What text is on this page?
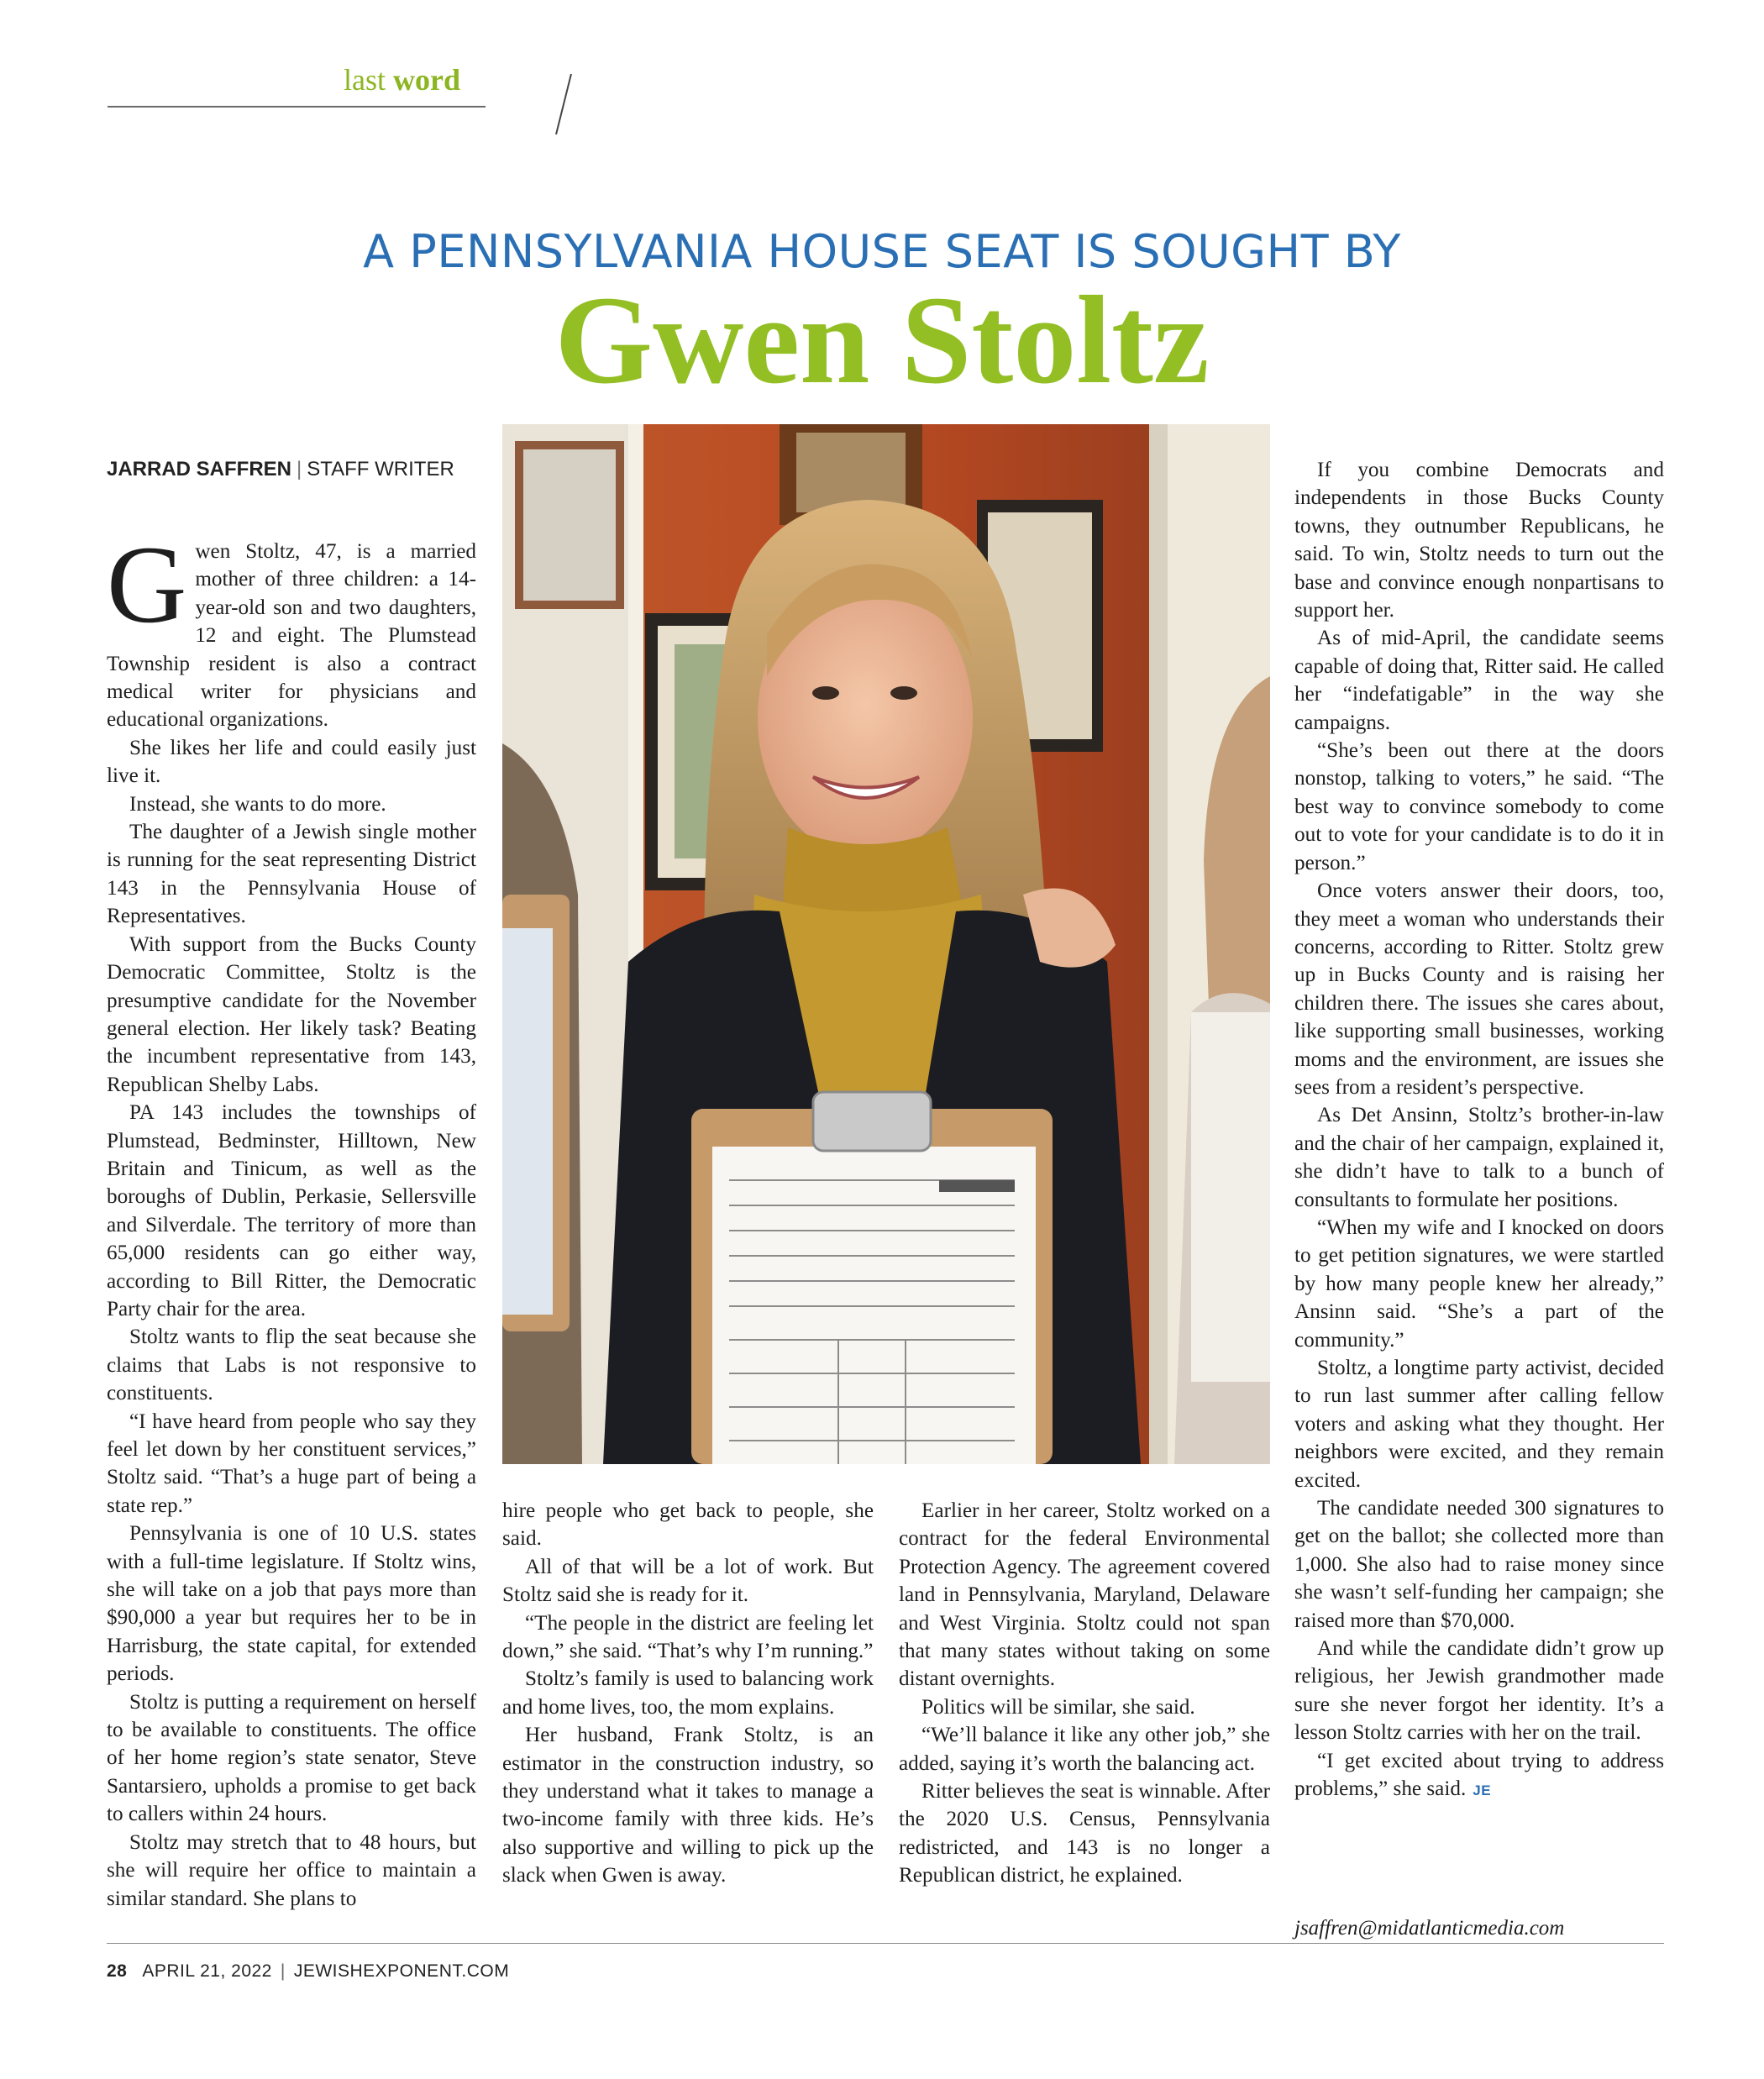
last word
A PENNSYLVANIA HOUSE SEAT IS SOUGHT BY
Gwen Stoltz
JARRAD SAFFREN | STAFF WRITER

Gwen Stoltz, 47, is a married mother of three children: a 14-year-old son and two daughters, 12 and eight. The Plumstead Township resident is also a contract medical writer for physicians and educational organizations.

She likes her life and could easily just live it.

Instead, she wants to do more.

The daughter of a Jewish single mother is running for the seat representing District 143 in the Pennsylvania House of Representatives.

With support from the Bucks County Democratic Committee, Stoltz is the presumptive candidate for the November general election. Her likely task? Beating the incumbent representative from 143, Republican Shelby Labs.

PA 143 includes the townships of Plumstead, Bedminster, Hilltown, New Britain and Tinicum, as well as the boroughs of Dublin, Perkasie, Sellersville and Silverdale. The territory of more than 65,000 residents can go either way, according to Bill Ritter, the Democratic Party chair for the area.

Stoltz wants to flip the seat because she claims that Labs is not responsive to constituents.

“I have heard from people who say they feel let down by her constituent services,” Stoltz said. “That’s a huge part of being a state rep.”

Pennsylvania is one of 10 U.S. states with a full-time legislature. If Stoltz wins, she will take on a job that pays more than $90,000 a year but requires her to be in Harrisburg, the state capital, for extended periods.

Stoltz is putting a requirement on herself to be available to constituents. The office of her home region’s state senator, Steve Santarsiero, upholds a promise to get back to callers within 24 hours.

Stoltz may stretch that to 48 hours, but she will require her office to maintain a similar standard. She plans to

hire people who get back to people, she said.

All of that will be a lot of work. But Stoltz said she is ready for it.

“The people in the district are feeling let down,” she said. “That’s why I’m running.”

Stoltz’s family is used to balancing work and home lives, too, the mom explains.

Her husband, Frank Stoltz, is an estimator in the construction industry, so they understand what it takes to manage a two-income family with three kids. He’s also supportive and willing to pick up the slack when Gwen is away.

Earlier in her career, Stoltz worked on a contract for the federal Environmental Protection Agency. The agreement covered land in Pennsylvania, Maryland, Delaware and West Virginia. Stoltz could not span that many states without taking on some distant overnights.

Politics will be similar, she said.

“We’ll balance it like any other job,” she added, saying it’s worth the balancing act.

Ritter believes the seat is winnable. After the 2020 U.S. Census, Pennsylvania redistricted, and 143 is no longer a Republican district, he explained.

If you combine Democrats and independents in those Bucks County towns, they outnumber Republicans, he said. To win, Stoltz needs to turn out the base and convince enough nonpartisans to support her.

As of mid-April, the candidate seems capable of doing that, Ritter said. He called her “indefatigable” in the way she campaigns.

“She’s been out there at the doors nonstop, talking to voters,” he said. “The best way to convince somebody to come out to vote for your candidate is to do it in person.”

Once voters answer their doors, too, they meet a woman who understands their concerns, according to Ritter. Stoltz grew up in Bucks County and is raising her children there. The issues she cares about, like supporting small businesses, working moms and the environment, are issues she sees from a resident’s perspective.

As Det Ansinn, Stoltz’s brother-in-law and the chair of her campaign, explained it, she didn’t have to talk to a bunch of consultants to formulate her positions.

“When my wife and I knocked on doors to get petition signatures, we were startled by how many people knew her already,” Ansinn said. “She’s a part of the community.”

Stoltz, a longtime party activist, decided to run last summer after calling fellow voters and asking what they thought. Her neighbors were excited, and they remain excited.

The candidate needed 300 signatures to get on the ballot; she collected more than 1,000. She also had to raise money since she wasn’t self-funding her campaign; she raised more than $70,000.

And while the candidate didn’t grow up religious, her Jewish grandmother made sure she never forgot her identity. It’s a lesson Stoltz carries with her on the trail.

“I get excited about trying to address problems,” she said. JE

jsaffren@midatlanticmedia.com
28 APRIL 21, 2022 | JEWISHEXPONENT.COM
